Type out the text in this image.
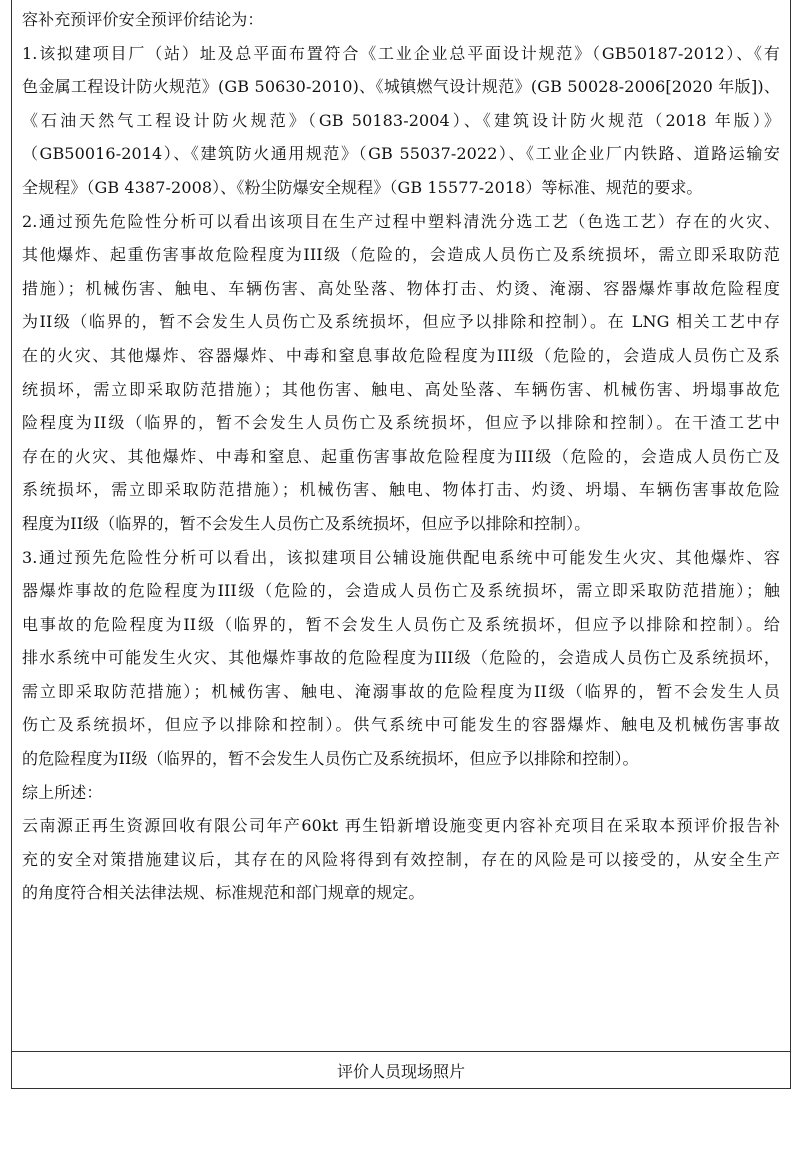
容补充预评价安全预评价结论为：
1.该拟建项目厂（站）址及总平面布置符合《工业企业总平面设计规范》（GB50187-2012）、《有
色金属工程设计防火规范》(GB 50630-2010)、《城镇燃气设计规范》(GB 50028-2006[2020 年版])、
《石油天然气工程设计防火规范》（GB 50183-2004）、《建筑设计防火规范（2018 年版）》
（GB50016-2014）、《建筑防火通用规范》（GB 55037-2022）、《工业企业厂内铁路、道路运输安
全规程》（GB 4387-2008）、《粉尘防爆安全规程》（GB 15577-2018）等标准、规范的要求。
2.通过预先危险性分析可以看出该项目在生产过程中塑料清洗分选工艺（色选工艺）存在的火灾、
其他爆炸、起重伤害事故危险程度为III级（危险的，会造成人员伤亡及系统损坏，需立即采取防范
措施）；机械伤害、触电、车辆伤害、高处坠落、物体打击、灼烫、淹溺、容器爆炸事故危险程度
为II级（临界的，暂不会发生人员伤亡及系统损坏，但应予以排除和控制）。在 LNG 相关工艺中存
在的火灾、其他爆炸、容器爆炸、中毒和窒息事故危险程度为III级（危险的，会造成人员伤亡及系
统损坏，需立即采取防范措施）；其他伤害、触电、高处坠落、车辆伤害、机械伤害、坍塌事故危
险程度为II级（临界的，暂不会发生人员伤亡及系统损坏，但应予以排除和控制）。在干渣工艺中
存在的火灾、其他爆炸、中毒和窒息、起重伤害事故危险程度为III级（危险的，会造成人员伤亡及
系统损坏，需立即采取防范措施）；机械伤害、触电、物体打击、灼烫、坍塌、车辆伤害事故危险
程度为II级（临界的，暂不会发生人员伤亡及系统损坏，但应予以排除和控制）。
3.通过预先危险性分析可以看出，该拟建项目公辅设施供配电系统中可能发生火灾、其他爆炸、容
器爆炸事故的危险程度为III级（危险的，会造成人员伤亡及系统损坏，需立即采取防范措施）；触
电事故的危险程度为II级（临界的，暂不会发生人员伤亡及系统损坏，但应予以排除和控制）。给
排水系统中可能发生火灾、其他爆炸事故的危险程度为III级（危险的，会造成人员伤亡及系统损坏，
需立即采取防范措施）；机械伤害、触电、淹溺事故的危险程度为II级（临界的，暂不会发生人员
伤亡及系统损坏，但应予以排除和控制）。供气系统中可能发生的容器爆炸、触电及机械伤害事故
的危险程度为II级（临界的，暂不会发生人员伤亡及系统损坏，但应予以排除和控制）。
综上所述：
云南源正再生资源回收有限公司年产60kt 再生铅新增设施变更内容补充项目在采取本预评价报告补
充的安全对策措施建议后，其存在的风险将得到有效控制，存在的风险是可以接受的，从安全生产
的角度符合相关法律法规、标准规范和部门规章的规定。
评价人员现场照片
